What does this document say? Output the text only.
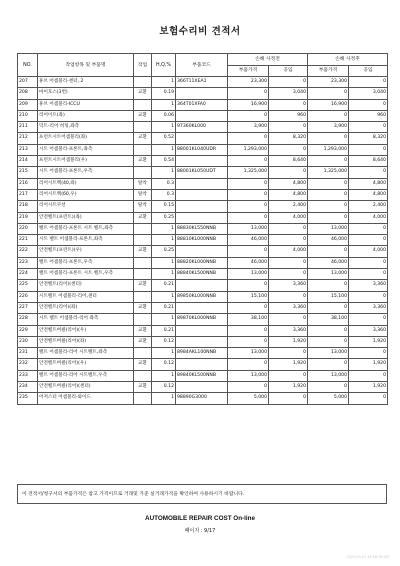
보험수리비 견적서
NO.	작업항목 및 부품명	작업	H,Q,%	부품코드	손해 사정전		손해 사정후	
					부품가격	공임	부품가격	공임
207	휴브 어셈블리-센터, 2		1	366T11XEA1	23,300	0	23,300	0
208	마이호스(3번)	교환	0.19		0	3,040	0	3,040
209	휴브 어셈블리-ICCU		1	364T01XFA0	16,900	0	16,900	0
210	리어이트(좌)	교환	0.06		0	960	0	960
211	덕트-리어 히팅,좌측		1	97360KL000	3,900	0	3,900	0
212	프런트시트어셈블리(좌)	교환	0.52		0	8,320	0	8,320
213	시트 어셈블리-프론트,좌측		1	88001KL040UDR	1,293,000	0	1,293,000	0
214	프런트시트어셈블리(우)	교환	0.54		0	8,640	0	8,640
215	시트 어셈블리-프론트,우측		1	88001KL050UDT	1,325,000	0	1,325,000	0
216	리어시트백(40,좌)	탈착	0.3		0	4,800	0	4,800
217	리어시트백(60,우)	탈착	0.3		0	4,800	0	4,800
218	리어시트쿠션	탈착	0.15		0	2,400	0	2,400
219	안전벨트(프런트)(좌)	교환	0.25		0	4,000	0	4,000
220	벨트 어셈블리-프론트 시트 벨트,좌측		1	88830KL550NNB	13,000	0	13,000	0
221	시트 벨트 어셈블리-프론트,좌측		1	88810KL000NNB	46,000	0	46,000	0
222	안전벨트(프런트)(우)	교환	0.25		0	4,000	0	4,000
223	벨트 어셈블리-프론트,우측		1	88820KL000NNB	46,000	0	46,000	0
224	벨트 어셈블리-프론트 시트 벨트,우측		1	88840KL500NNB	13,000	0	13,000	0
225	안전벨트(리어)(센터)	교환	0.21		0	3,360	0	3,360
226	시트벨트 어셈블리-리어,센터		1	89850KL000NNB	15,100	0	15,100	0
227	안전벨트(리어)(좌)	교환	0.21		0	3,360	0	3,360
228	시트 벨트 어셈블리-리어 좌측		1	89870KL000NNB	38,100	0	38,100	0
229	안전벨트버클(리어)(우)	교환	0.21		0	3,360	0	3,360
230	안전벨트버클(리어)(좌)	교환	0.12		0	1,920	0	1,920
231	벨트 어셈블리-리어 시트벨트,좌측		1	8984AKL100NNB	13,000	0	13,000	0
232	안전벨트버클(리어)(우)	교환	0.12		0	1,920	0	1,920
233	벨트 어셈블리-리어 시트벨트,우측		1	89840KL500NNB	13,000	0	13,000	0
234	안전벨트버클(리어)(센터)	교환	0.12		0	1,920	0	1,920
235	어저스터 어셈블리-와이드		1	98890G3000	5,000	0	5,000	0
이 견적서/청구서의 부품가격은 참고 가격이므로 거래및 가준 실거래가격을 확인하여 사용하시기 바랍니다.
AUTOMOBILE REPAIR COST On-line
페이지 : 9/17
2024-03-01 14:58:16 KST
